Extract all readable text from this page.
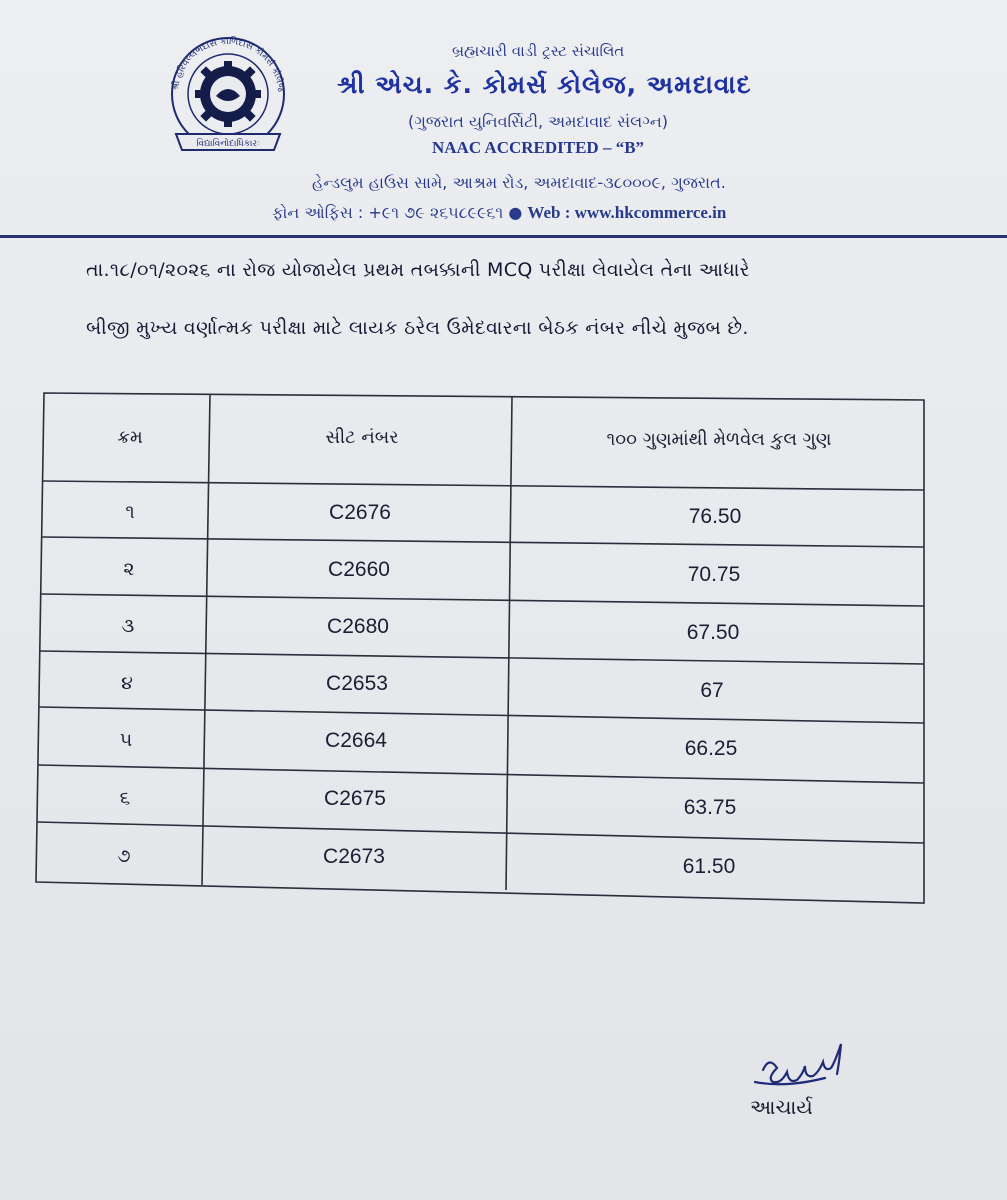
શ્રી હરિવલ્લભદાસ કાળિદાસ કોમર્સ કોલેજ
વિદ્યાવિનોદાધિકારઃ
બ્રહ્મચારી વાડી ટ્રસ્ટ સંચાલિત
શ્રી એચ. કે. કોમર્સ કોલેજ, અમદાવાદ
(ગુજરાત યુનિવર્સિટી, અમદાવાદ સંલગ્ન)
NAAC ACCREDITED – “B”
હેન્ડલુમ હાઉસ સામે, આશ્રમ રોડ, અમદાવાદ-૩૮૦૦૦૯, ગુજરાત.
ફોન ઓફિસ : +૯૧ ૭૯ ૨૬૫૮૯૯૬૧ ● Web : www.hkcommerce.in
તા.૧૮/૦૧/૨૦૨૬ ના રોજ યોજાયેલ પ્રથમ તબક્કાની MCQ પરીક્ષા લેવાયેલ તેના આધારે
બીજી મુખ્ય વર્ણાત્મક પરીક્ષા માટે લાયક ઠરેલ ઉમેદવારના બેઠક નંબર નીચે મુજબ છે.
ક્રમ	સીટ નંબર	૧૦૦ ગુણમાંથી મેળવેલ કુલ ગુણ
૧	C2676	76.50
૨	C2660	70.75
૩	C2680	67.50
૪	C2653	67
૫	C2664	66.25
૬	C2675	63.75
૭	C2673	61.50
આચાર્ય
